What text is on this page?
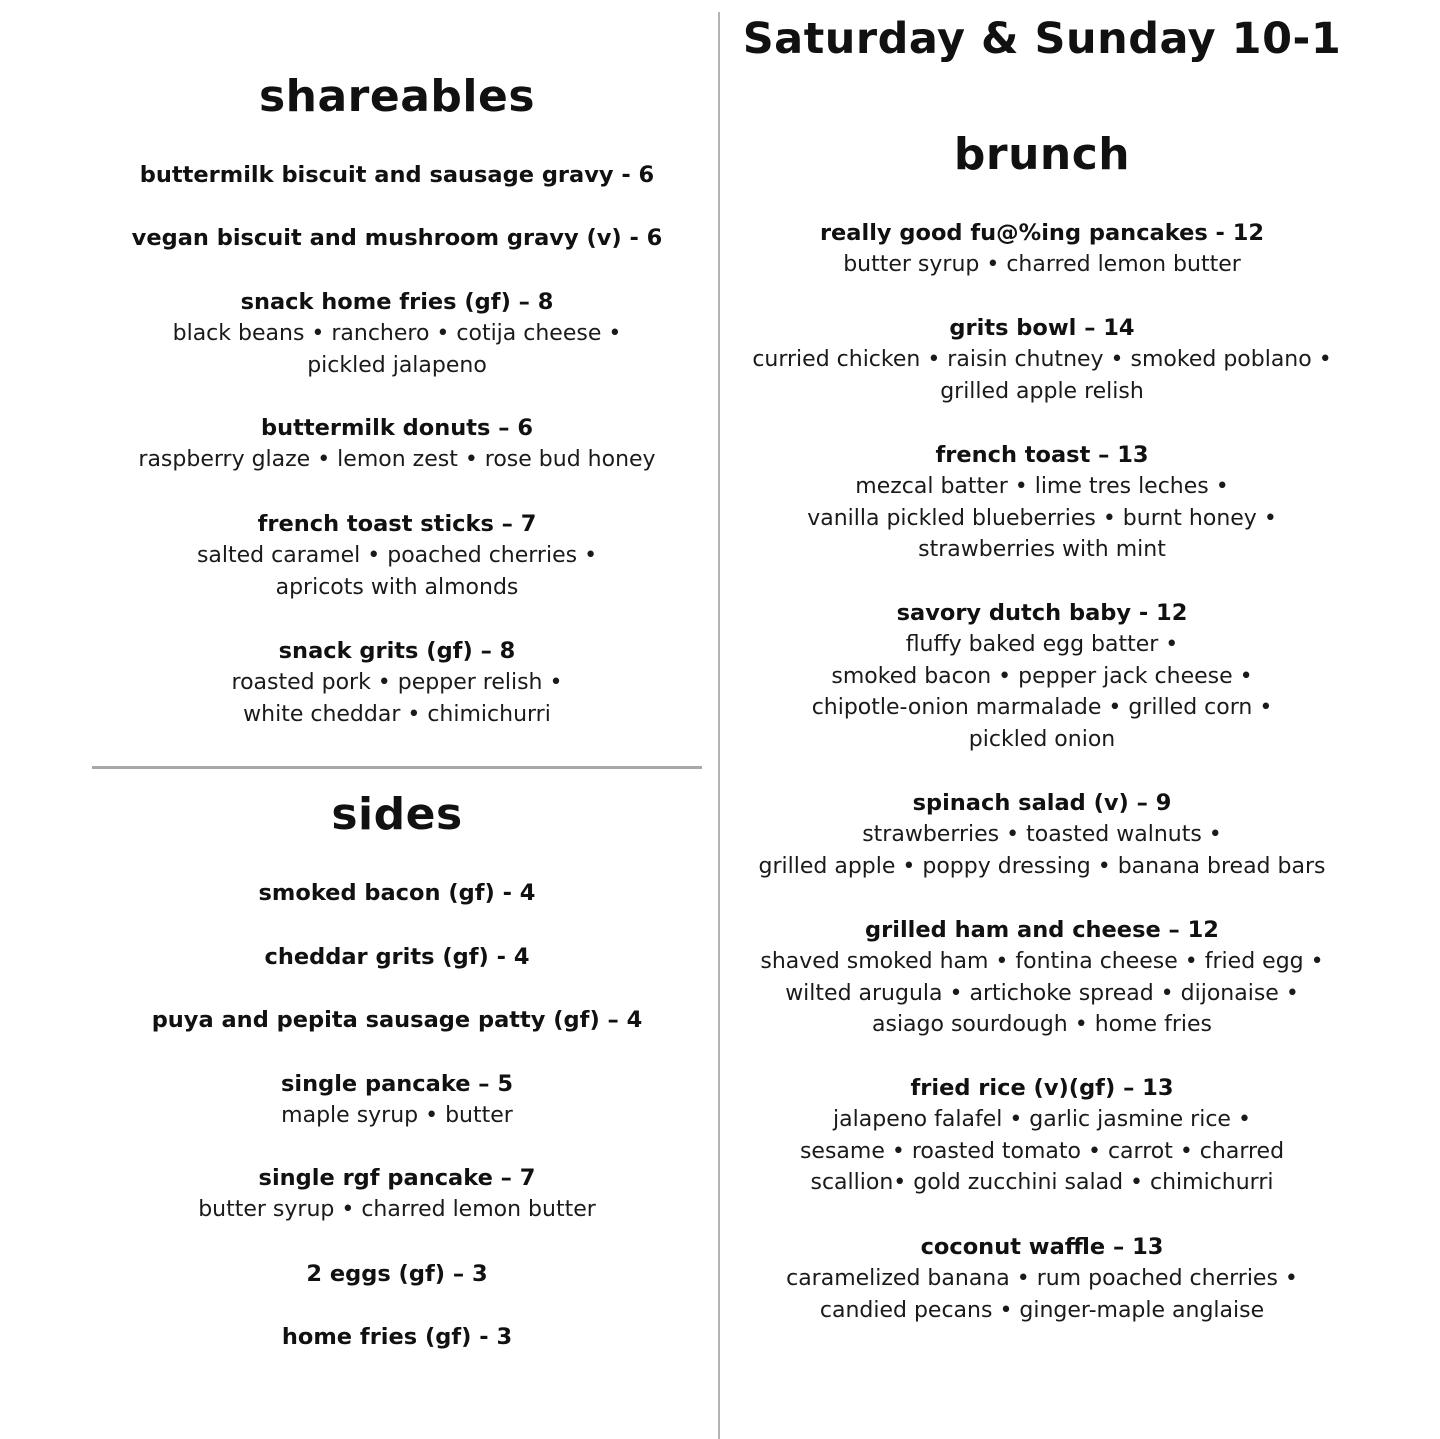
shareables
buttermilk biscuit and sausage gravy - 6
vegan biscuit and mushroom gravy (v) - 6
snack home fries (gf) – 8
black beans • ranchero • cotija cheese •
pickled jalapeno
buttermilk donuts – 6
raspberry glaze • lemon zest • rose bud honey
french toast sticks – 7
salted caramel • poached cherries •
apricots with almonds
snack grits (gf) – 8
roasted pork • pepper relish •
white cheddar • chimichurri
sides
smoked bacon (gf) - 4
cheddar grits (gf) - 4
puya and pepita sausage patty (gf) – 4
single pancake – 5
maple syrup • butter
single rgf pancake – 7
butter syrup • charred lemon butter
2 eggs (gf) – 3
home fries (gf) - 3
Saturday & Sunday 10-1
brunch
really good fu@%ing pancakes - 12
butter syrup • charred lemon butter
grits bowl – 14
curried chicken • raisin chutney • smoked poblano •
grilled apple relish
french toast – 13
mezcal batter • lime tres leches •
vanilla pickled blueberries • burnt honey •
strawberries with mint
savory dutch baby - 12
fluffy baked egg batter •
smoked bacon • pepper jack cheese •
chipotle-onion marmalade • grilled corn •
pickled onion
spinach salad (v) – 9
strawberries • toasted walnuts •
grilled apple • poppy dressing • banana bread bars
grilled ham and cheese – 12
shaved smoked ham • fontina cheese • fried egg •
wilted arugula • artichoke spread • dijonaise •
asiago sourdough • home fries
fried rice (v)(gf) – 13
jalapeno falafel • garlic jasmine rice •
sesame • roasted tomato • carrot • charred
scallion• gold zucchini salad • chimichurri
coconut waffle – 13
caramelized banana • rum poached cherries •
candied pecans • ginger-maple anglaise
